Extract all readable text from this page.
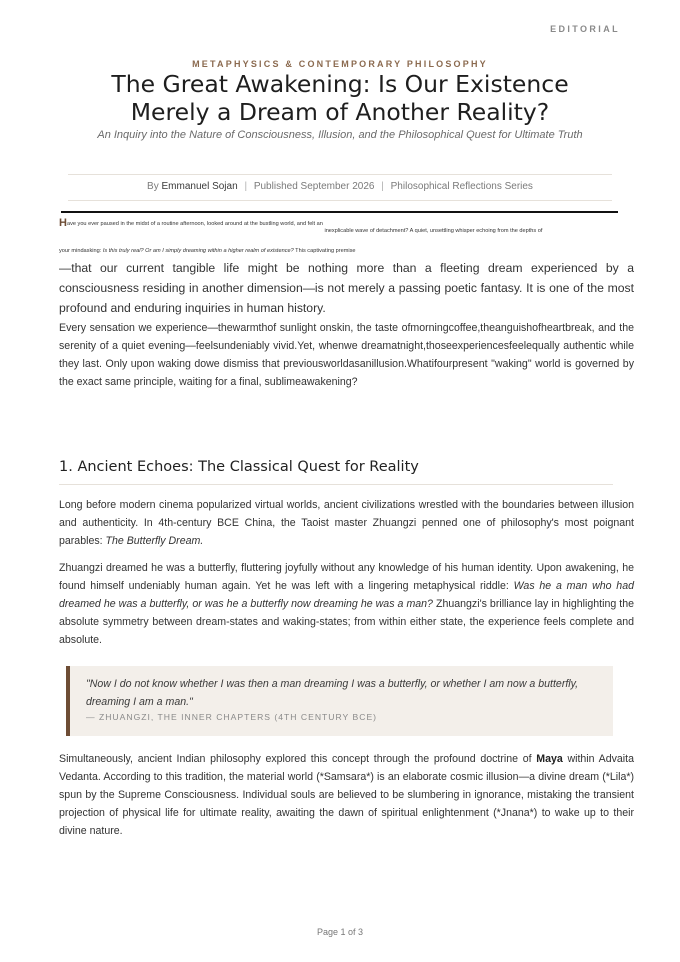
EDITORIAL
METAPHYSICS & CONTEMPORARY PHILOSOPHY
The Great Awakening: Is Our Existence
Merely a Dream of Another Reality?
An Inquiry into the Nature of Consciousness, Illusion, and the Philosophical Quest for Ultimate Truth
By Emmanuel Sojan | Published September 2026 | Philosophical Reflections Series
Have you ever paused in the midst of a routine afternoon, looked around at the bustling world, and felt an inexplicable wave of detachment? A quiet, unsettling whisper echoing from the depths of
your mindasking: Is this truly real? Or am I simply dreaming within a higher realm of existence? This captivating premise

—that our current tangible life might be nothing more than a fleeting dream experienced by a consciousness residing in another dimension—is not merely a passing poetic fantasy. It is one of the most profound and enduring inquiries in human history.

Every sensation we experience—thewarmthof sunlight onskin, the taste ofmorningcoffee,theanguishofheartbreak, and the serenity of a quiet evening—feelsundeniably vivid.Yet, whenwe dreamatnight,thoseexperiencesfeelequally authentic while they last. Only upon waking dowe dismiss that previousworldasanillusion.Whatifourpresent "waking" world is governed by the exact same principle, waiting for a final, sublimeawakening?

1. Ancient Echoes: The Classical Quest for Reality

Long before modern cinema popularized virtual worlds, ancient civilizations wrestled with the boundaries between illusion and authenticity. In 4th-century BCE China, the Taoist master Zhuangzi penned one of philosophy's most poignant parables: The Butterfly Dream.

Zhuangzi dreamed he was a butterfly, fluttering joyfully without any knowledge of his human identity. Upon awakening, he found himself undeniably human again. Yet he was left with a lingering metaphysical riddle: Was he a man who had dreamed he was a butterfly, or was he a butterfly now dreaming he was a man? Zhuangzi's brilliance lay in highlighting the absolute symmetry between dream-states and waking-states; from within either state, the experience feels complete and absolute.

"Now I do not know whether I was then a man dreaming I was a butterfly, or whether I am now a butterfly, dreaming I am a man."

— ZHUANGZI, THE INNER CHAPTERS (4TH CENTURY BCE)

Simultaneously, ancient Indian philosophy explored this concept through the profound doctrine of Maya within Advaita Vedanta. According to this tradition, the material world (*Samsara*) is an elaborate cosmic illusion—a divine dream (*Lila*) spun by the Supreme Consciousness. Individual souls are believed to be slumbering in ignorance, mistaking the transient projection of physical life for ultimate reality, awaiting the dawn of spiritual enlightenment (*Jnana*) to wake up to their divine nature.

Page 1 of 3
